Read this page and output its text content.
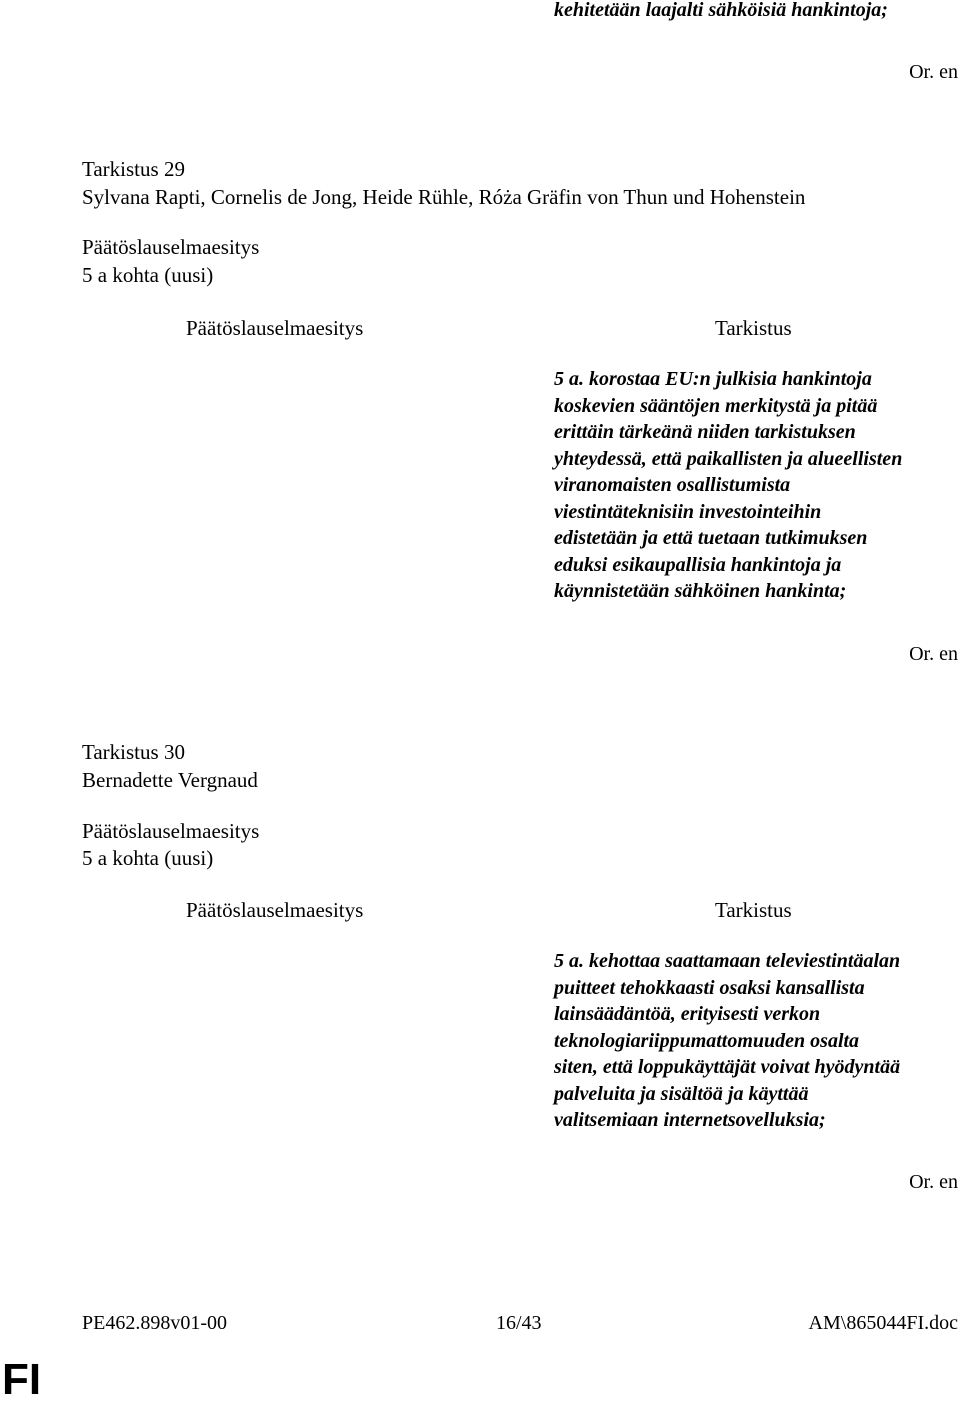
kehitetään laajalti sähköisiä hankintoja;
Or. en
Tarkistus 29
Sylvana Rapti, Cornelis de Jong, Heide Rühle, Róża Gräfin von Thun und Hohenstein
Päätöslauselmaesitys
5 a kohta (uusi)
Päätöslauselmaesitys	Tarkistus
5 a. korostaa EU:n julkisia hankintoja
koskevien sääntöjen merkitystä ja pitää
erittäin tärkeänä niiden tarkistuksen
yhteydessä, että paikallisten ja alueellisten
viranomaisten osallistumista
viestintäteknisiin investointeihin
edistetään ja että tuetaan tutkimuksen
eduksi esikaupallisia hankintoja ja
käynnistetään sähköinen hankinta;
Or. en
Tarkistus 30
Bernadette Vergnaud
Päätöslauselmaesitys
5 a kohta (uusi)
Päätöslauselmaesitys	Tarkistus
5 a. kehottaa saattamaan televiestintäalan
puitteet tehokkaasti osaksi kansallista
lainsäädäntöä, erityisesti verkon
teknologiariippumattomuuden osalta
siten, että loppukäyttäjät voivat hyödyntää
palveluita ja sisältöä ja käyttää
valitsemiaan internetsovelluksia;
Or. en
PE462.898v01-00	16/43	AM\865044FI.doc
FI
